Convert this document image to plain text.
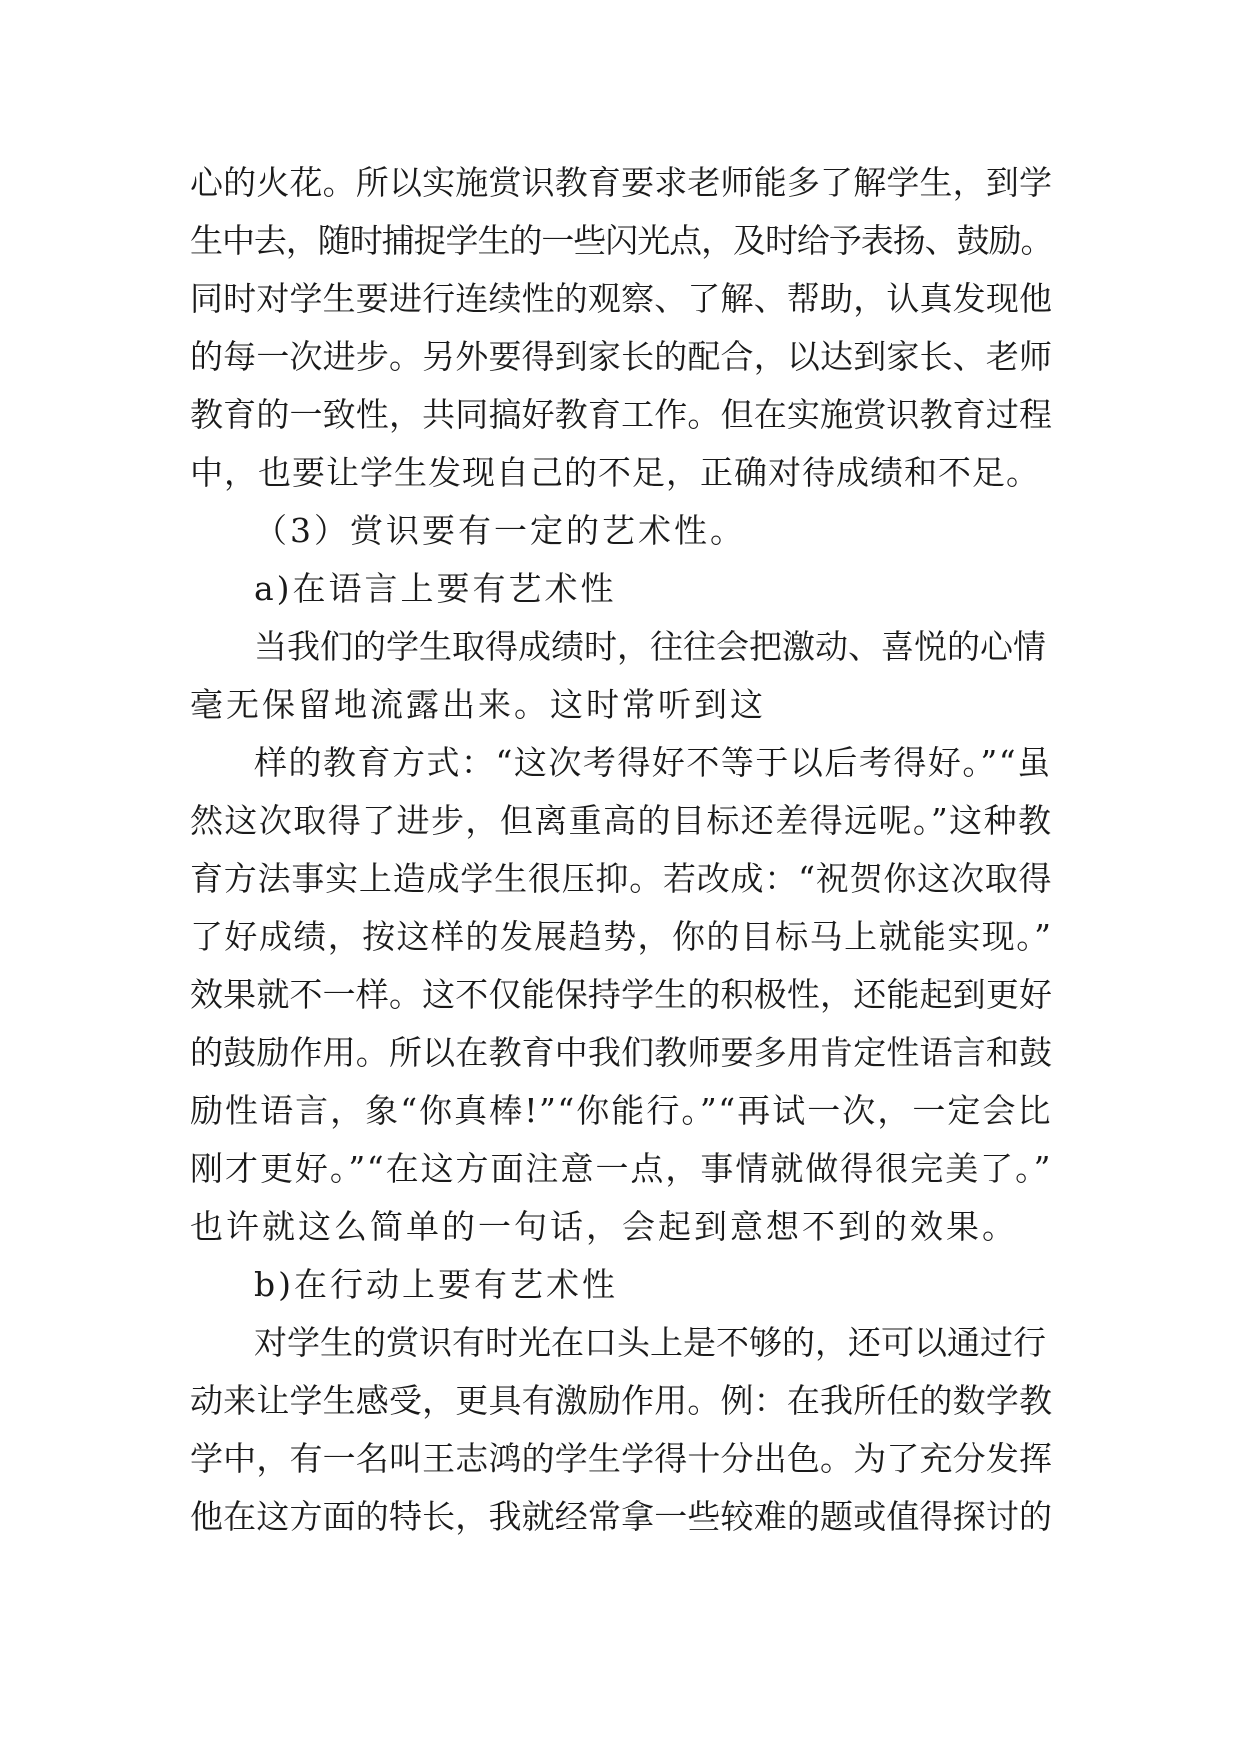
心的火花。所以实施赏识教育要求老师能多了解学生，到学
生中去，随时捕捉学生的一些闪光点，及时给予表扬、鼓励。
同时对学生要进行连续性的观察、了解、帮助，认真发现他
的每一次进步。另外要得到家长的配合，以达到家长、老师
教育的一致性，共同搞好教育工作。但在实施赏识教育过程
中，也要让学生发现自己的不足，正确对待成绩和不足。
（3）赏识要有一定的艺术性。
a)在语言上要有艺术性
当我们的学生取得成绩时，往往会把激动、喜悦的心情
毫无保留地流露出来。这时常听到这
样的教育方式：“这次考得好不等于以后考得好。”“虽
然这次取得了进步，但离重高的目标还差得远呢。”这种教
育方法事实上造成学生很压抑。若改成：“祝贺你这次取得
了好成绩，按这样的发展趋势，你的目标马上就能实现。”
效果就不一样。这不仅能保持学生的积极性，还能起到更好
的鼓励作用。所以在教育中我们教师要多用肯定性语言和鼓
励性语言，象“你真棒!”“你能行。”“再试一次，一定会比
刚才更好。”“在这方面注意一点，事情就做得很完美了。”
也许就这么简单的一句话，会起到意想不到的效果。
b)在行动上要有艺术性
对学生的赏识有时光在口头上是不够的，还可以通过行
动来让学生感受，更具有激励作用。例：在我所任的数学教
学中，有一名叫王志鸿的学生学得十分出色。为了充分发挥
他在这方面的特长，我就经常拿一些较难的题或值得探讨的
